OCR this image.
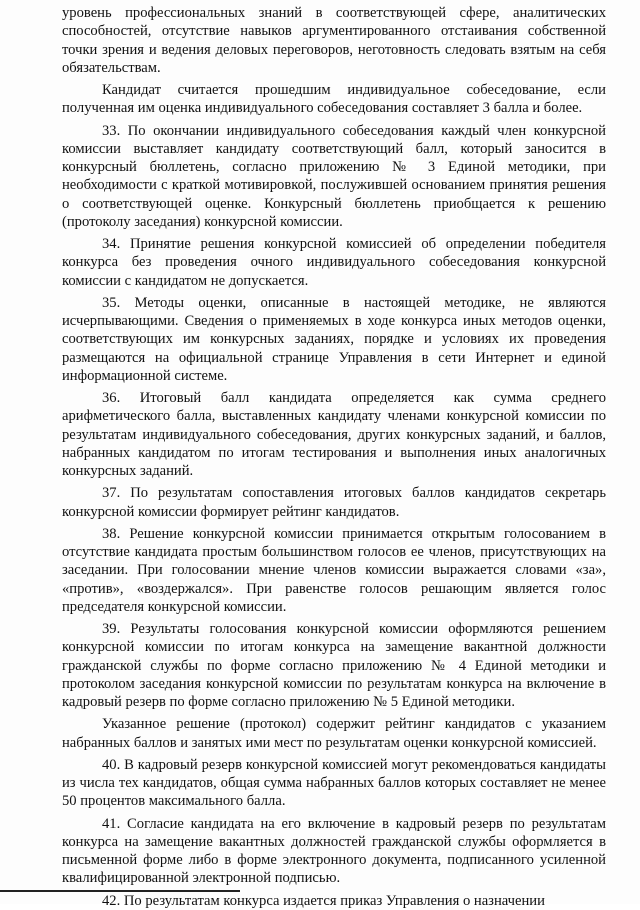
уровень профессиональных знаний в соответствующей сфере, аналитических способностей, отсутствие навыков аргументированного отстаивания собственной точки зрения и ведения деловых переговоров, неготовность следовать взятым на себя обязательствам.

Кандидат считается прошедшим индивидуальное собеседование, если полученная им оценка индивидуального собеседования составляет 3 балла и более.

33. По окончании индивидуального собеседования каждый член конкурсной комиссии выставляет кандидату соответствующий балл, который заносится в конкурсный бюллетень, согласно приложению № 3 Единой методики, при необходимости с краткой мотивировкой, послужившей основанием принятия решения о соответствующей оценке. Конкурсный бюллетень приобщается к решению (протоколу заседания) конкурсной комиссии.

34. Принятие решения конкурсной комиссией об определении победителя конкурса без проведения очного индивидуального собеседования конкурсной комиссии с кандидатом не допускается.

35. Методы оценки, описанные в настоящей методике, не являются исчерпывающими. Сведения о применяемых в ходе конкурса иных методов оценки, соответствующих им конкурсных заданиях, порядке и условиях их проведения размещаются на официальной странице Управления в сети Интернет и единой информационной системе.

36. Итоговый балл кандидата определяется как сумма среднего арифметического балла, выставленных кандидату членами конкурсной комиссии по результатам индивидуального собеседования, других конкурсных заданий, и баллов, набранных кандидатом по итогам тестирования и выполнения иных аналогичных конкурсных заданий.

37. По результатам сопоставления итоговых баллов кандидатов секретарь конкурсной комиссии формирует рейтинг кандидатов.

38. Решение конкурсной комиссии принимается открытым голосованием в отсутствие кандидата простым большинством голосов ее членов, присутствующих на заседании. При голосовании мнение членов комиссии выражается словами «за», «против», «воздержался». При равенстве голосов решающим является голос председателя конкурсной комиссии.

39. Результаты голосования конкурсной комиссии оформляются решением конкурсной комиссии по итогам конкурса на замещение вакантной должности гражданской службы по форме согласно приложению № 4 Единой методики и протоколом заседания конкурсной комиссии по результатам конкурса на включение в кадровый резерв по форме согласно приложению № 5 Единой методики.

Указанное решение (протокол) содержит рейтинг кандидатов с указанием набранных баллов и занятых ими мест по результатам оценки конкурсной комиссией.

40. В кадровый резерв конкурсной комиссией могут рекомендоваться кандидаты из числа тех кандидатов, общая сумма набранных баллов которых составляет не менее 50 процентов максимального балла.

41. Согласие кандидата на его включение в кадровый резерв по результатам конкурса на замещение вакантных должностей гражданской службы оформляется в письменной форме либо в форме электронного документа, подписанного усиленной квалифицированной электронной подписью.

42. По результатам конкурса издается приказ Управления о назначении
